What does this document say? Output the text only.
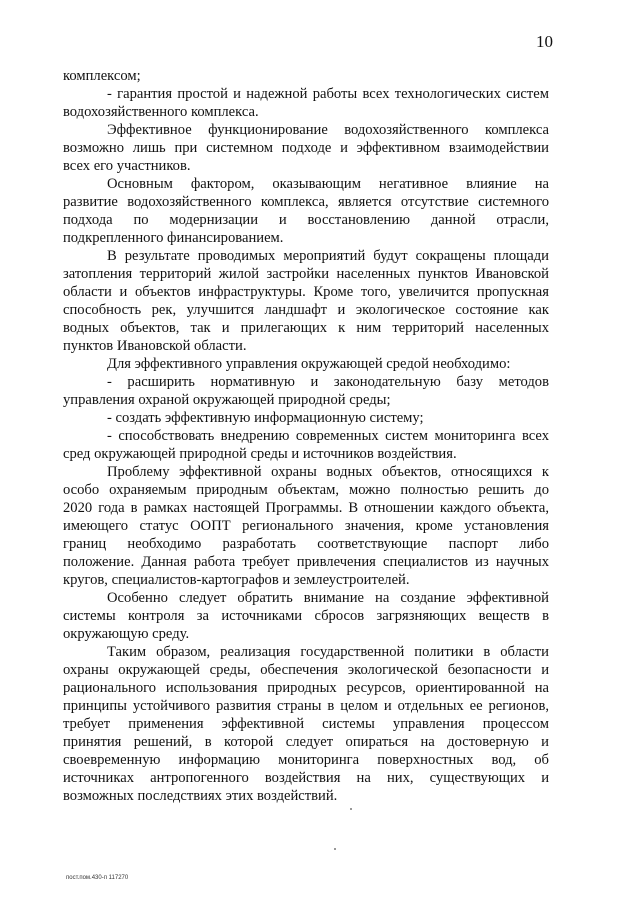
10
комплексом;
- гарантия простой и надежной работы всех технологических систем
водохозяйственного комплекса.
Эффективное функционирование водохозяйственного комплекса
возможно лишь при системном подходе и эффективном взаимодействии
всех его участников.
Основным фактором, оказывающим негативное влияние на
развитие водохозяйственного комплекса, является отсутствие системного
подхода по модернизации и восстановлению данной отрасли,
подкрепленного финансированием.
В результате проводимых мероприятий будут сокращены площади
затопления территорий жилой застройки населенных пунктов Ивановской
области и объектов инфраструктуры. Кроме того, увеличится пропускная
способность рек, улучшится ландшафт и экологическое состояние как
водных объектов, так и прилегающих к ним территорий населенных
пунктов Ивановской области.
Для эффективного управления окружающей средой необходимо:
- расширить нормативную и законодательную базу методов
управления охраной окружающей природной среды;
- создать эффективную информационную систему;
- способствовать внедрению современных систем мониторинга всех
сред окружающей природной среды и источников воздействия.
Проблему эффективной охраны водных объектов, относящихся к
особо охраняемым природным объектам, можно полностью решить до
2020 года в рамках настоящей Программы. В отношении каждого объекта,
имеющего статус ООПТ регионального значения, кроме установления
границ необходимо разработать соответствующие паспорт либо
положение. Данная работа требует привлечения специалистов из научных
кругов, специалистов-картографов и землеустроителей.
Особенно следует обратить внимание на создание эффективной
системы контроля за источниками сбросов загрязняющих веществ в
окружающую среду.
Таким образом, реализация государственной политики в области
охраны окружающей среды, обеспечения экологической безопасности и
рационального использования природных ресурсов, ориентированной на
принципы устойчивого развития страны в целом и отдельных ее регионов,
требует применения эффективной системы управления процессом
принятия решений, в которой следует опираться на достоверную и
своевременную информацию мониторинга поверхностных вод, об
источниках антропогенного воздействия на них, существующих и
возможных последствиях этих воздействий.
пост.пом.430-п 117270
